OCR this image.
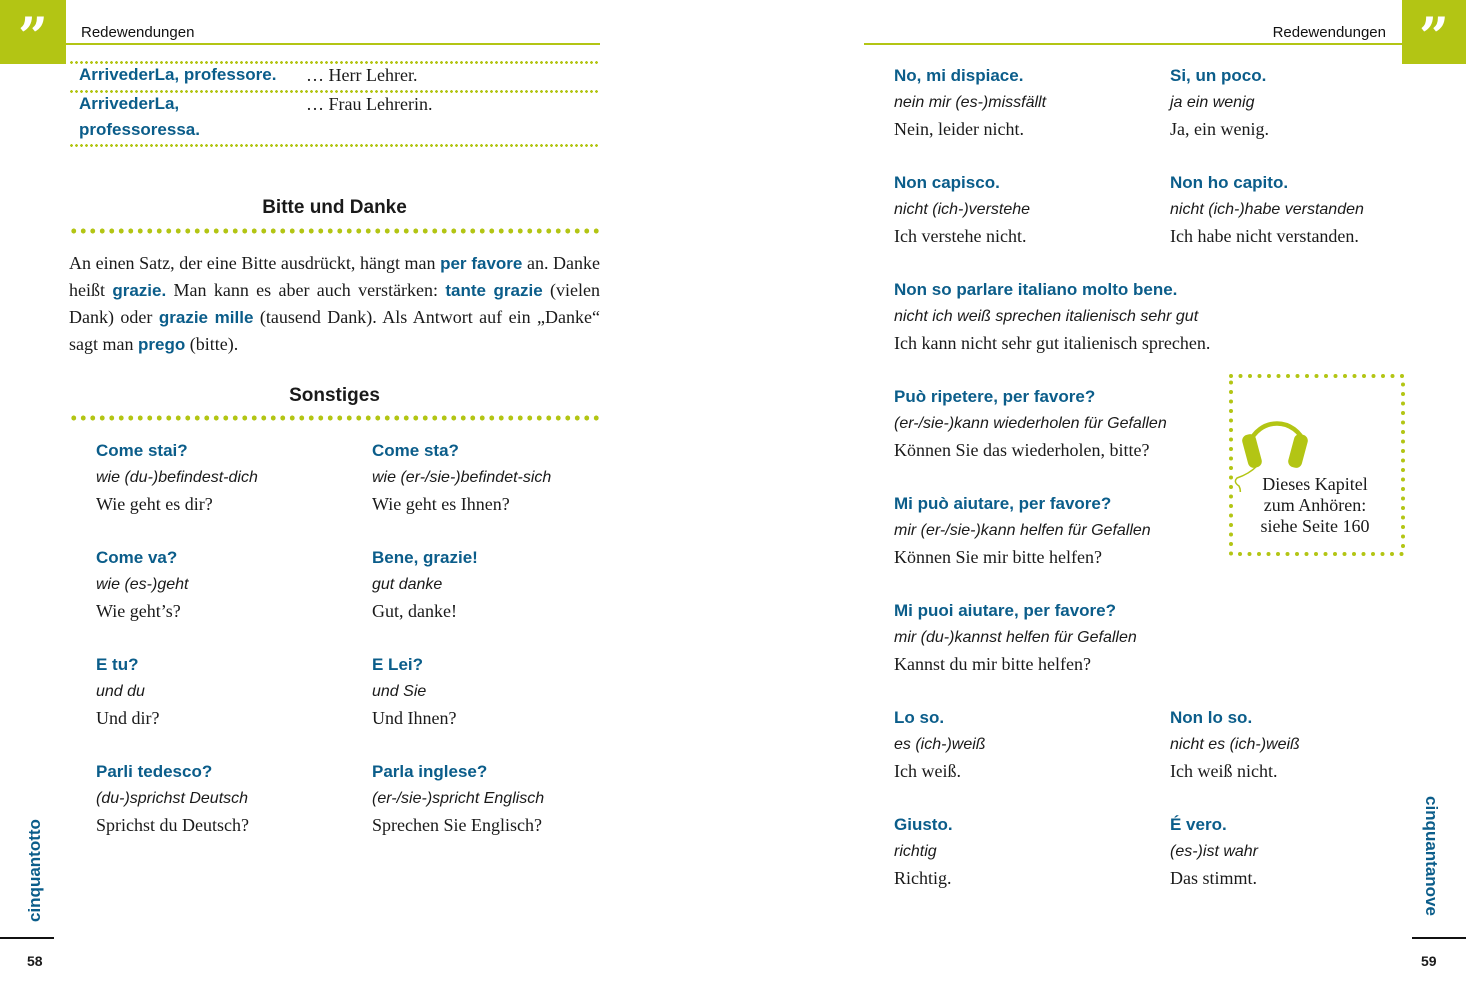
”	Redewendungen
ArrivederLa, professore. … Herr Lehrer.
ArrivederLa,
professoressa.
… Frau Lehrerin.
Bitte und Danke
An einen Satz, der eine Bitte ausdrückt, hängt man per favore an. Danke heißt grazie. Man kann es aber auch verstärken: tante grazie (vielen Dank) oder grazie mille (tausend Dank). Als Antwort auf ein „Danke“ sagt man prego (bitte).
Sonstiges
Come stai?
wie (du-)befindest-dich
Wie geht es dir?
Come sta?
wie (er-/sie-)befindet-sich
Wie geht es Ihnen?
Come va?
wie (es-)geht
Wie geht’s?
Bene, grazie!
gut danke
Gut, danke!
E tu?
und du
Und dir?
E Lei?
und Sie
Und Ihnen?
Parli tedesco?
(du-)sprichst Deutsch
Sprichst du Deutsch?
Parla inglese?
(er-/sie-)spricht Englisch
Sprechen Sie Englisch?
cinquantotto
58
”
Redewendungen
No, mi dispiace.
nein mir (es-)missfällt
Nein, leider nicht.
Si, un poco.
ja ein wenig
Ja, ein wenig.
Non capisco.
nicht (ich-)verstehe
Ich verstehe nicht.
Non ho capito.
nicht (ich-)habe verstanden
Ich habe nicht verstanden.
Non so parlare italiano molto bene.
nicht ich weiß sprechen italienisch sehr gut
Ich kann nicht sehr gut italienisch sprechen.
Può ripetere, per favore?
(er-/sie-)kann wiederholen für Gefallen
Können Sie das wiederholen, bitte?
Mi può aiutare, per favore?
mir (er-/sie-)kann helfen für Gefallen
Können Sie mir bitte helfen?
Mi puoi aiutare, per favore?
mir (du-)kannst helfen für Gefallen
Kannst du mir bitte helfen?
Lo so.
es (ich-)weiß
Ich weiß.
Non lo so.
nicht es (ich-)weiß
Ich weiß nicht.
Giusto.
richtig
Richtig.
É vero.
(es-)ist wahr
Das stimmt.
Dieses Kapitel
zum Anhören:
siehe Seite 160
cinquantanove
59
